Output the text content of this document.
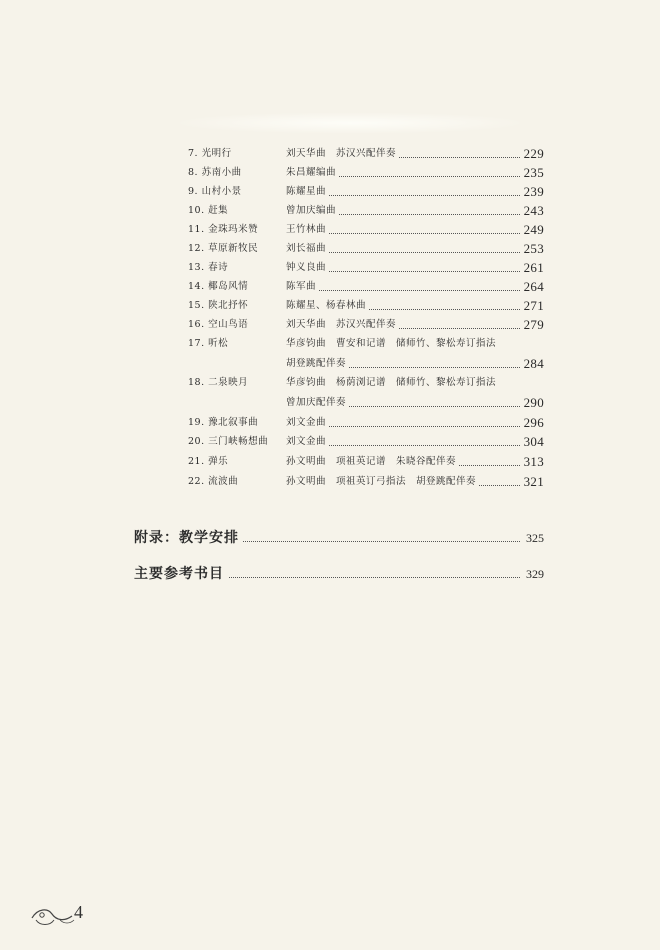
7. 光明行	刘天华曲　苏汉兴配伴奏	229
8. 苏南小曲	朱昌耀编曲	235
9. 山村小景	陈耀星曲	239
10. 赶集	曾加庆编曲	243
11. 金珠玛米赞	王竹林曲	249
12. 草原新牧民	刘长福曲	253
13. 春诗	钟义良曲	261
14. 椰岛风情	陈军曲	264
15. 陕北抒怀	陈耀星、杨春林曲	271
16. 空山鸟语	刘天华曲　苏汉兴配伴奏	279
17. 听松	华彦钧曲　曹安和记谱　储师竹、黎松寿订指法
胡登跳配伴奏	284
18. 二泉映月	华彦钧曲　杨荫浏记谱　储师竹、黎松寿订指法
曾加庆配伴奏	290
19. 豫北叙事曲	刘文金曲	296
20. 三门峡畅想曲 刘文金曲	304
21. 弹乐	孙文明曲　项祖英记谱　朱晓谷配伴奏	313
22. 流波曲	孙文明曲　项祖英订弓指法　胡登跳配伴奏	321
附录：教学安排	325
主要参考书目	329
4
